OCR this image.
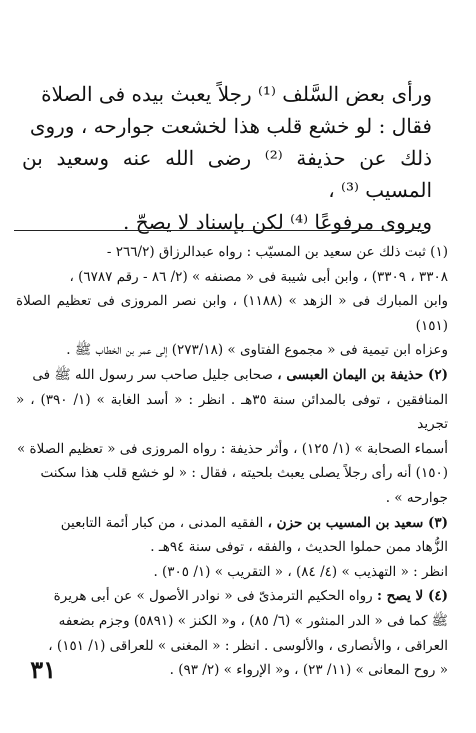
ورأى بعض السَّلف ⁽¹⁾ رجلاً يعبث بيده فى الصلاة

فقال : لو خشع قلب هذا لخشعت جوارحه ، وروى

ذلك عن حذيفة ⁽²⁾ رضى الله عنه وسعيد بن المسيب ⁽³⁾ ،

ويروى مرفوعًا ⁽⁴⁾ لكن بإسناد لا يصحّ .

(١) ثبت ذلك عن سعيد بن المسيّب : رواه عبدالرزاق (٢٦٦/٢ -

٣٣٠٨ ، ٣٣٠٩) ، وابن أبى شيبة فى « مصنفه » (٢/ ٨٦ - رقم ٦٧٨٧) ،

وابن المبارك فى « الزهد » (١١٨٨) ، وابن نصر المروزى فى تعظيم الصلاة (١٥١)

وعزاه ابن تيمية فى « مجموع الفتاوى » (٢٧٣/١٨) إلى عمر بن الخطاب ﷺ .

(٢) حذيفة بن اليمان العبسى ، صحابى جليل صاحب سر رسول الله ﷺ فى

المنافقين ، توفى بالمدائن سنة ٣٥هـ . انظر : « أسد الغابة » (١/ ٣٩٠) ، « تجريد

أسماء الصحابة » (١/ ١٢٥) ، وأثر حذيفة : رواه المروزى فى « تعظيم الصلاة »

(١٥٠) أنه رأى رجلاً يصلى يعبث بلحيته ، فقال : « لو خشع قلب هذا سكنت

جوارحه » .

(٣) سعيد بن المسيب بن حزن ، الفقيه المدنى ، من كبار أئمة التابعين

الزُّهاد ممن حملوا الحديث ، والفقه ، توفى سنة ٩٤هـ .

انظر : « التهذيب » (٤/ ٨٤) ، « التقريب » (١/ ٣٠٥) .

(٤) لا يصح : رواه الحكيم الترمذىّ فى « نوادر الأصول » عن أبى هريرة

ﷺ كما فى « الدر المنثور » (٦/ ٨٥) ، و« الكنز » (٥٨٩١) وجزم بضعفه

العراقى ، والأنصارى ، والألوسى . انظر : « المغنى » للعراقى (١/ ١٥١) ،

« روح المعانى » (١١/ ٢٣) ، و« الإرواء » (٢/ ٩٣) .

٣١
